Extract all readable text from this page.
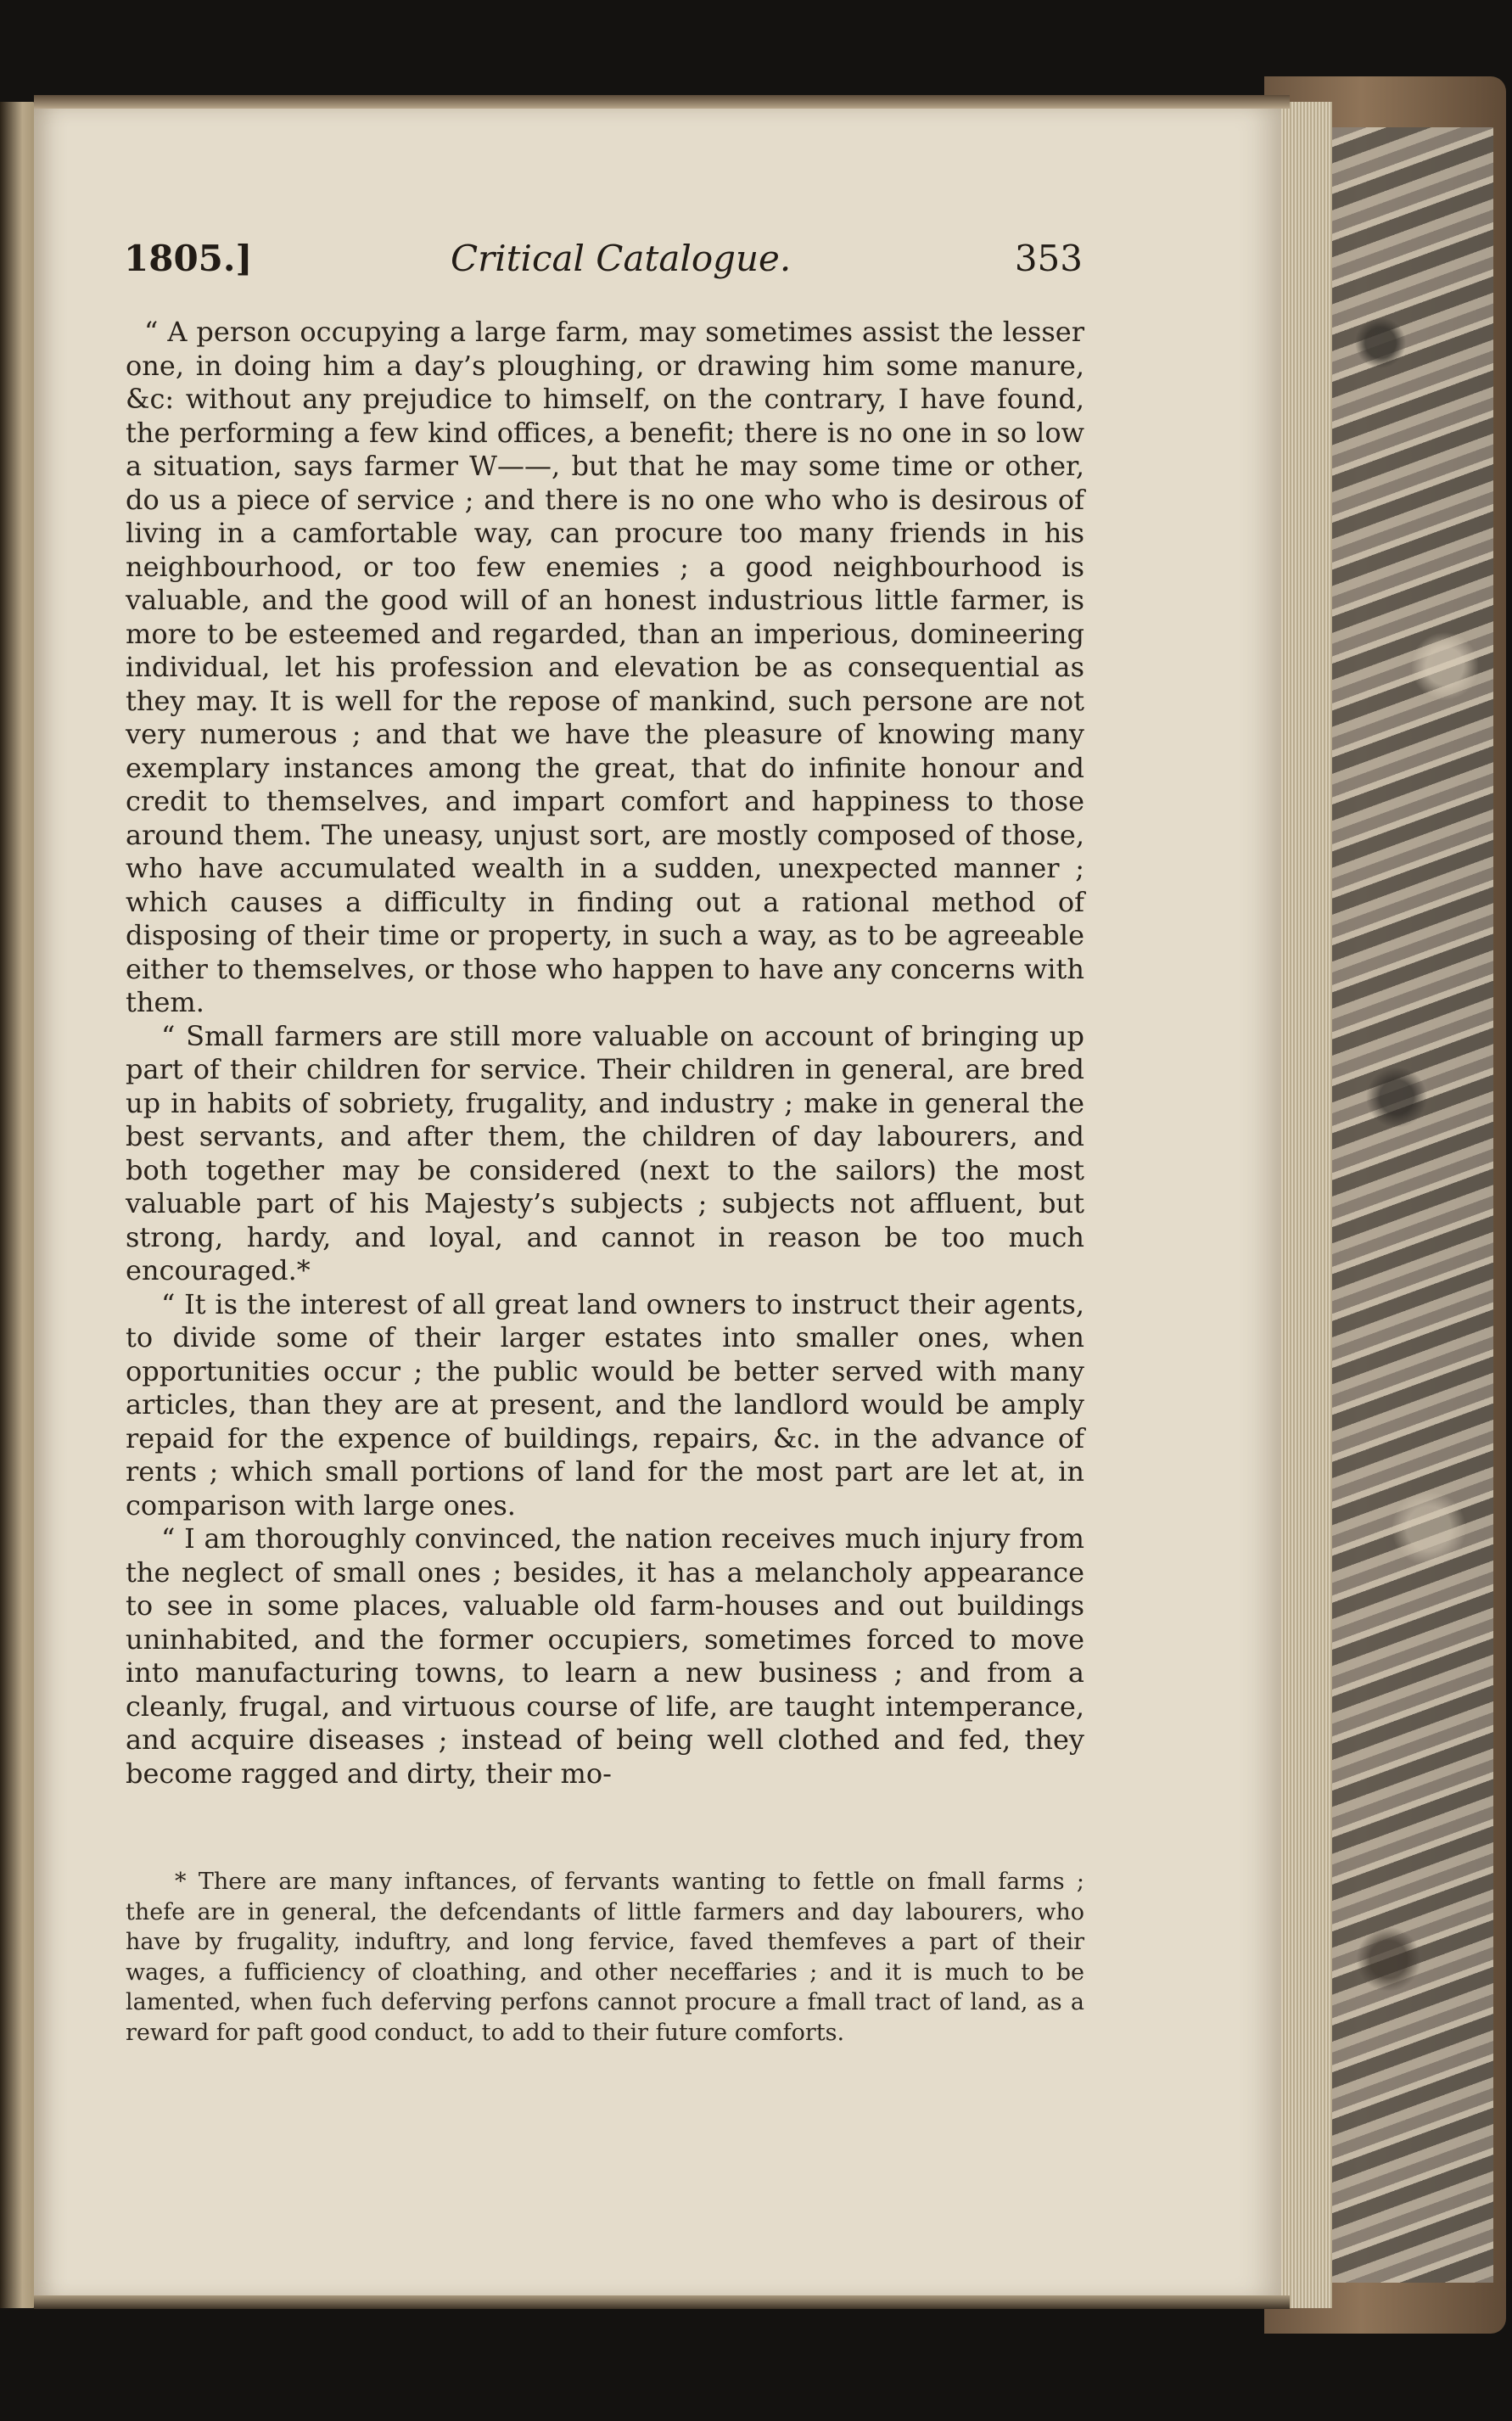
1805.]	Critical Catalogue.	353

“ A person occupying a large farm, may sometimes assist the lesser one, in doing him a day’s ploughing, or drawing him some manure, &c: without any prejudice to himself, on the contrary, I have found, the performing a few kind offices, a benefit; there is no one in so low a situation, says farmer W——, but that he may some time or other, do us a piece of service ; and there is no one who who is desirous of living in a camfortable way, can procure too many friends in his neighbourhood, or too few enemies ; a good neighbourhood is valuable, and the good will of an honest industrious little farmer, is more to be esteemed and regarded, than an imperious, domineering individual, let his profession and elevation be as consequential as they may. It is well for the repose of mankind, such persone are not very numerous ; and that we have the pleasure of knowing many exemplary instances among the great, that do infinite honour and credit to themselves, and impart comfort and happiness to those around them. The uneasy, unjust sort, are mostly composed of those, who have accumulated wealth in a sudden, unexpected manner ; which causes a difficulty in finding out a rational method of disposing of their time or property, in such a way, as to be agreeable either to themselves, or those who happen to have any concerns with them.

“ Small farmers are still more valuable on account of bringing up part of their children for service. Their children in general, are bred up in habits of sobriety, frugality, and industry ; make in general the best servants, and after them, the children of day labourers, and both together may be considered (next to the sailors) the most valuable part of his Majesty’s subjects ; subjects not affluent, but strong, hardy, and loyal, and cannot in reason be too much encouraged.*

“ It is the interest of all great land owners to instruct their agents, to divide some of their larger estates into smaller ones, when opportunities occur ; the public would be better served with many articles, than they are at present, and the landlord would be amply repaid for the expence of buildings, repairs, &c. in the advance of rents ; which small portions of land for the most part are let at, in comparison with large ones.

“ I am thoroughly convinced, the nation receives much injury from the neglect of small ones ; besides, it has a melancholy appearance to see in some places, valuable old farm-houses and out buildings uninhabited, and the former occupiers, sometimes forced to move into manufacturing towns, to learn a new business ; and from a cleanly, frugal, and virtuous course of life, are taught intemperance, and acquire diseases ; instead of being well clothed and fed, they become ragged and dirty, their mo-

* There are many inftances, of fervants wanting to fettle on fmall farms ; thefe are in general, the defcendants of little farmers and day labourers, who have by frugality, induftry, and long fervice, faved themfeves a part of their wages, a fufficiency of cloathing, and other neceffaries ; and it is much to be lamented, when fuch deferving perfons cannot procure a fmall tract of land, as a reward for paft good conduct, to add to their future comforts.
